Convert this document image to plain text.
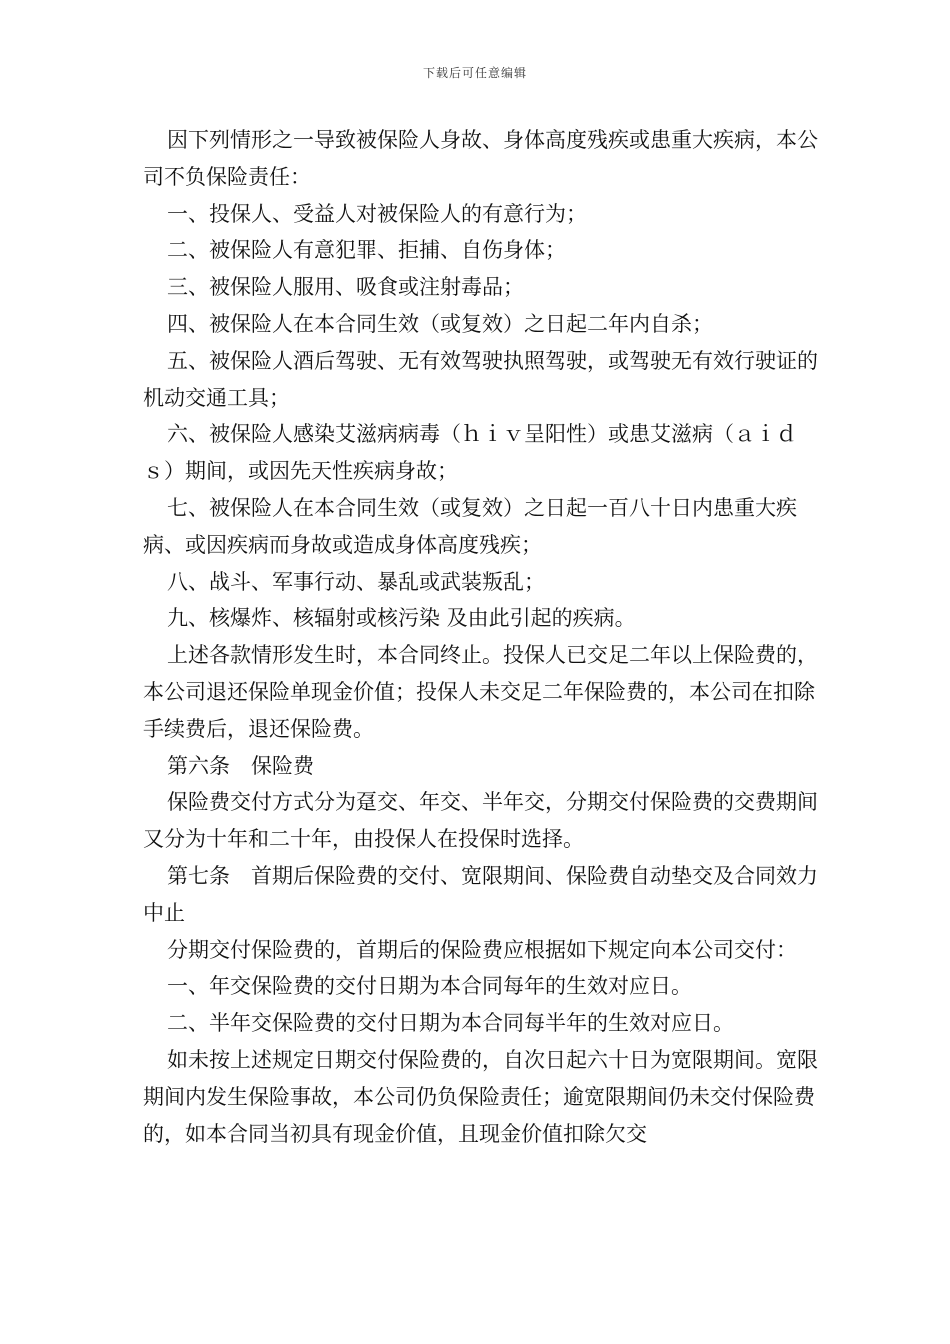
下载后可任意编辑

因下列情形之一导致被保险人身故、身体高度残疾或患重大疾病，本公司不负保险责任：

一、投保人、受益人对被保险人的有意行为；

二、被保险人有意犯罪、拒捕、自伤身体；

三、被保险人服用、吸食或注射毒品；

四、被保险人在本合同生效（或复效）之日起二年内自杀；

五、被保险人酒后驾驶、无有效驾驶执照驾驶，或驾驶无有效行驶证的机动交通工具；

六、被保险人感染艾滋病病毒（ｈｉｖ呈阳性）或患艾滋病（ａｉｄｓ）期间，或因先天性疾病身故；

七、被保险人在本合同生效（或复效）之日起一百八十日内患重大疾病、或因疾病而身故或造成身体高度残疾；

八、战斗、军事行动、暴乱或武装叛乱；

九、核爆炸、核辐射或核污染 及由此引起的疾病。

上述各款情形发生时，本合同终止。投保人已交足二年以上保险费的，本公司退还保险单现金价值；投保人未交足二年保险费的，本公司在扣除手续费后，退还保险费。

第六条　保险费

保险费交付方式分为趸交、年交、半年交，分期交付保险费的交费期间又分为十年和二十年，由投保人在投保时选择。

第七条　首期后保险费的交付、宽限期间、保险费自动垫交及合同效力中止

分期交付保险费的，首期后的保险费应根据如下规定向本公司交付：

一、年交保险费的交付日期为本合同每年的生效对应日。

二、半年交保险费的交付日期为本合同每半年的生效对应日。

如未按上述规定日期交付保险费的，自次日起六十日为宽限期间。宽限期间内发生保险事故，本公司仍负保险责任；逾宽限期间仍未交付保险费的，如本合同当初具有现金价值，且现金价值扣除欠交
